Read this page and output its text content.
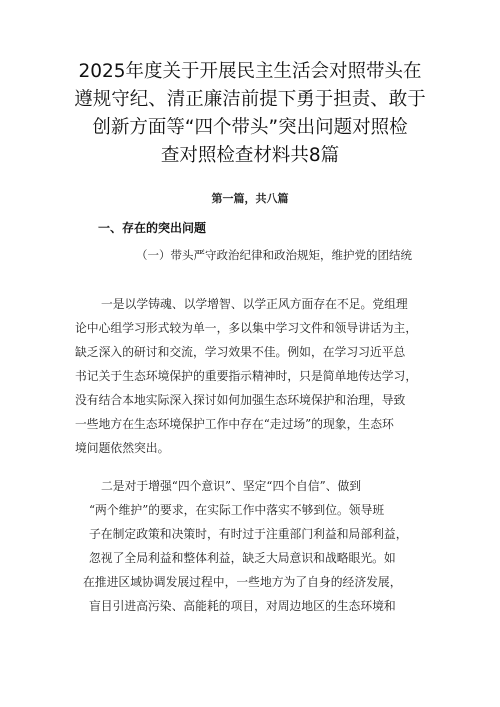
2025年度关于开展民主生活会对照带头在
遵规守纪、清正廉洁前提下勇于担责、敢于
创新方面等“四个带头”突出问题对照检
查对照检查材料共8篇
第一篇，共八篇
一、存在的突出问题
（一）带头严守政治纪律和政治规矩，维护党的团结统
一是以学铸魂、以学增智、以学正风方面存在不足。党组理
论中心组学习形式较为单一，多以集中学习文件和领导讲话为主，
缺乏深入的研讨和交流，学习效果不佳。例如，在学习习近平总
书记关于生态环境保护的重要指示精神时，只是简单地传达学习，
没有结合本地实际深入探讨如何加强生态环境保护和治理，导致
一些地方在生态环境保护工作中存在“走过场”的现象，生态环
境问题依然突出。
二是对于增强“四个意识”、坚定“四个自信”、做到
“两个维护”的要求，在实际工作中落实不够到位。领导班
子在制定政策和决策时，有时过于注重部门利益和局部利益，
忽视了全局利益和整体利益，缺乏大局意识和战略眼光。如
在推进区域协调发展过程中，一些地方为了自身的经济发展，
盲目引进高污染、高能耗的项目，对周边地区的生态环境和
